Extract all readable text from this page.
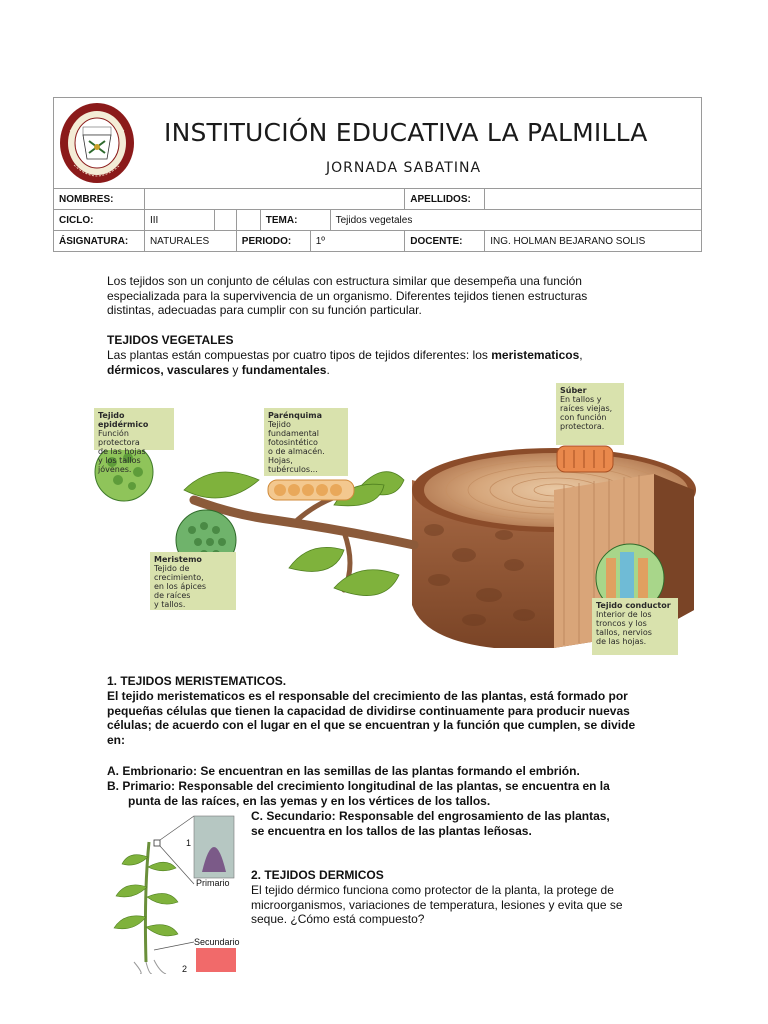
INSTITUCIÓN EDUCATIVA LA PALMILLA
JORNADA SABATINA
NOMBRES:							APELLIDOS:	
CICLO:	III			TEMA:		Tejidos vegetales		
ÁSIGNATURA:	NATURALES		PERIODO:		1º		DOCENTE:	ING. HOLMAN BEJARANO SOLIS
Los tejidos son un conjunto de células con estructura similar que desempeña una función
especializada para la supervivencia de un organismo. Diferentes tejidos tienen estructuras
distintas, adecuadas para cumplir con su función particular.
TEJIDOS VEGETALES
Las plantas están compuestas por cuatro tipos de tejidos diferentes: los meristematicos,
dérmicos, vasculares y fundamentales.
Tejido epidérmico
Función
protectora
de las hojas
y los tallos
jóvenes.
Parénquima
Tejido
fundamental
fotosintético
o de almacén.
Hojas,
tubérculos...
Súber
En tallos y
raíces viejas,
con función
protectora.
Meristemo
Tejido de
crecimiento,
en los ápices
de raíces
y tallos.	Tejido conductor
Interior de los
troncos y los
tallos, nervios
de las hojas.
1. TEJIDOS MERISTEMATICOS.
El tejido meristematicos es el responsable del crecimiento de las plantas, está formado por
pequeñas células que tienen la capacidad de dividirse continuamente para producir nuevas
células; de acuerdo con el lugar en el que se encuentran y la función que cumplen, se divide
en:
A. Embrionario: Se encuentran en las semillas de las plantas formando el embrión.
B. Primario: Responsable del crecimiento longitudinal de las plantas, se encuentra en la
punta de las raíces, en las yemas y en los vértices de los tallos.
C. Secundario: Responsable del engrosamiento de las plantas,
se encuentra en los tallos de las plantas leñosas.
Primario
Secundario
1
2
2. TEJIDOS DERMICOS
El tejido dérmico funciona como protector de la planta, la protege de
microorganismos, variaciones de temperatura, lesiones y evita que se
seque. ¿Cómo está compuesto?
